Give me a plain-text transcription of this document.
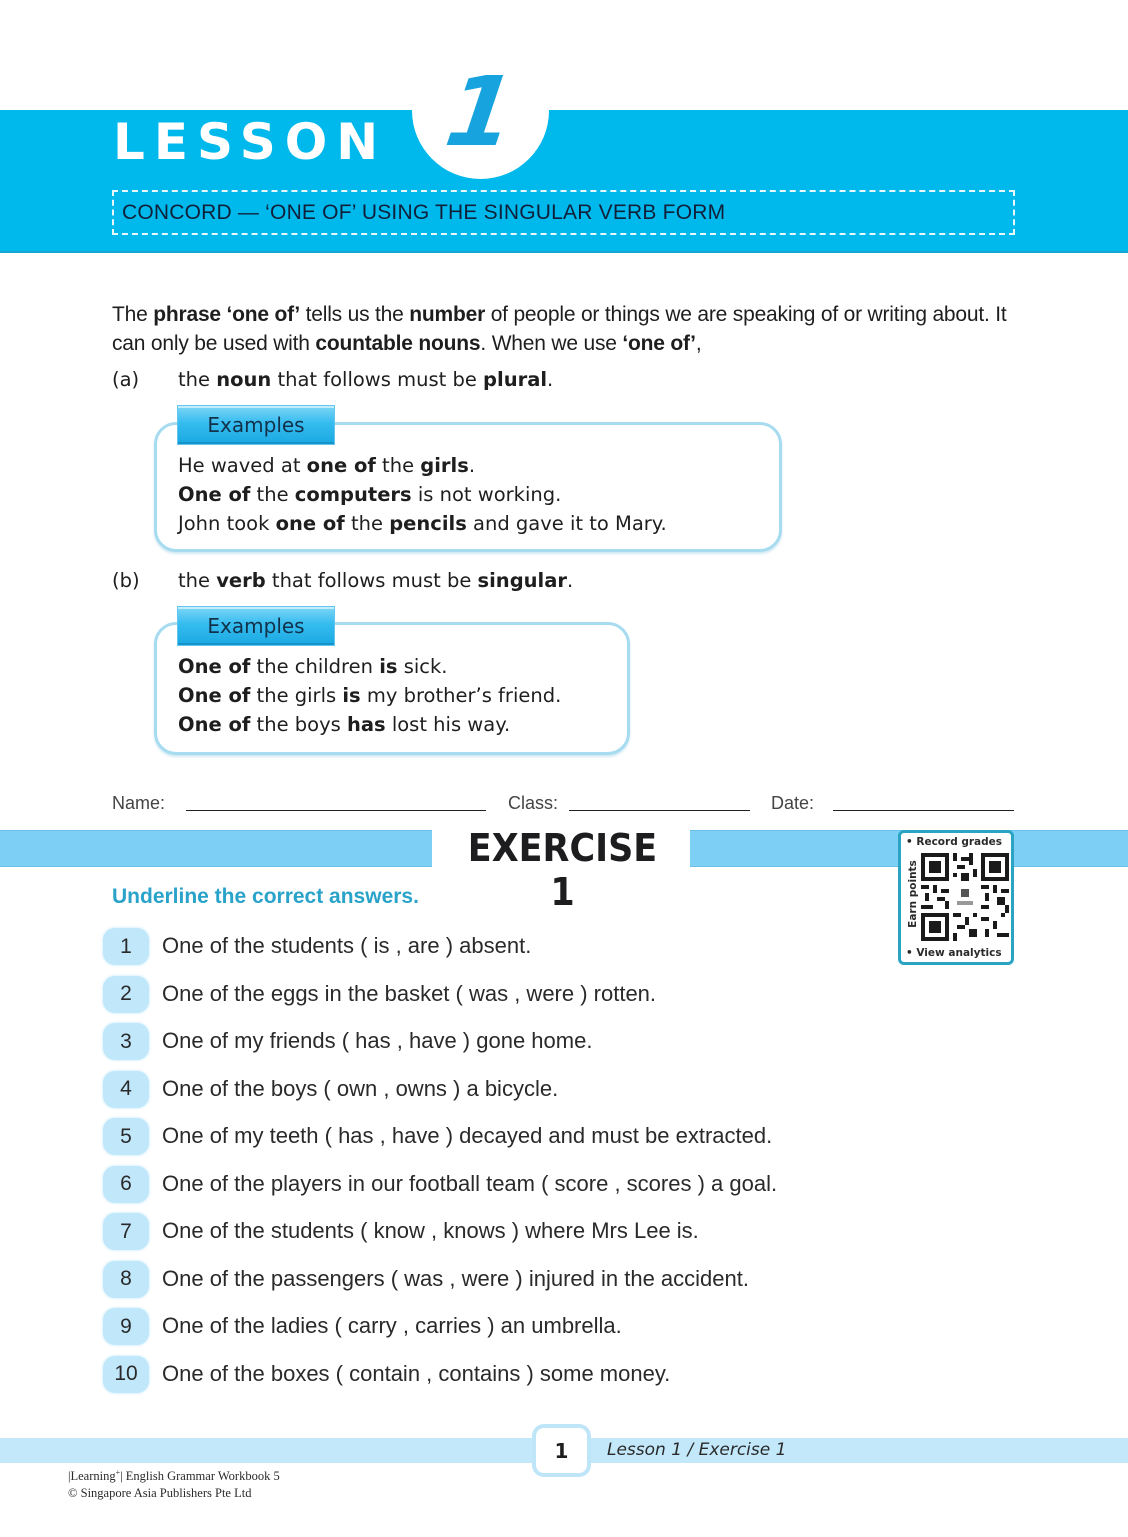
1
LESSON
CONCORD — ‘ONE OF’ USING THE SINGULAR VERB FORM
The phrase ‘one of’ tells us the number of people or things we are speaking of or writing about. It can only be used with countable nouns. When we use ‘one of’,
(a)	the noun that follows must be plural.
Examples
He waved at one of the girls.
One of the computers is not working.
John took one of the pencils and gave it to Mary.
(b)	the verb that follows must be singular.
Examples
One of the children is sick.
One of the girls is my brother’s friend.
One of the boys has lost his way.
Name:	Class:	Date:
EXERCISE 1
• Record grades
Earn points
• View analytics
Underline the correct answers.
1	One of the students ( is , are ) absent.
2	One of the eggs in the basket ( was , were ) rotten.
3	One of my friends ( has , have ) gone home.
4	One of the boys ( own , owns ) a bicycle.
5	One of my teeth ( has , have ) decayed and must be extracted.
6	One of the players in our football team ( score , scores ) a goal.
7	One of the students ( know , knows ) where Mrs Lee is.
8	One of the passengers ( was , were ) injured in the accident.
9	One of the ladies ( carry , carries ) an umbrella.
10	One of the boxes ( contain , contains ) some money.
1	Lesson 1 / Exercise 1
|Learning+| English Grammar Workbook 5
© Singapore Asia Publishers Pte Ltd
